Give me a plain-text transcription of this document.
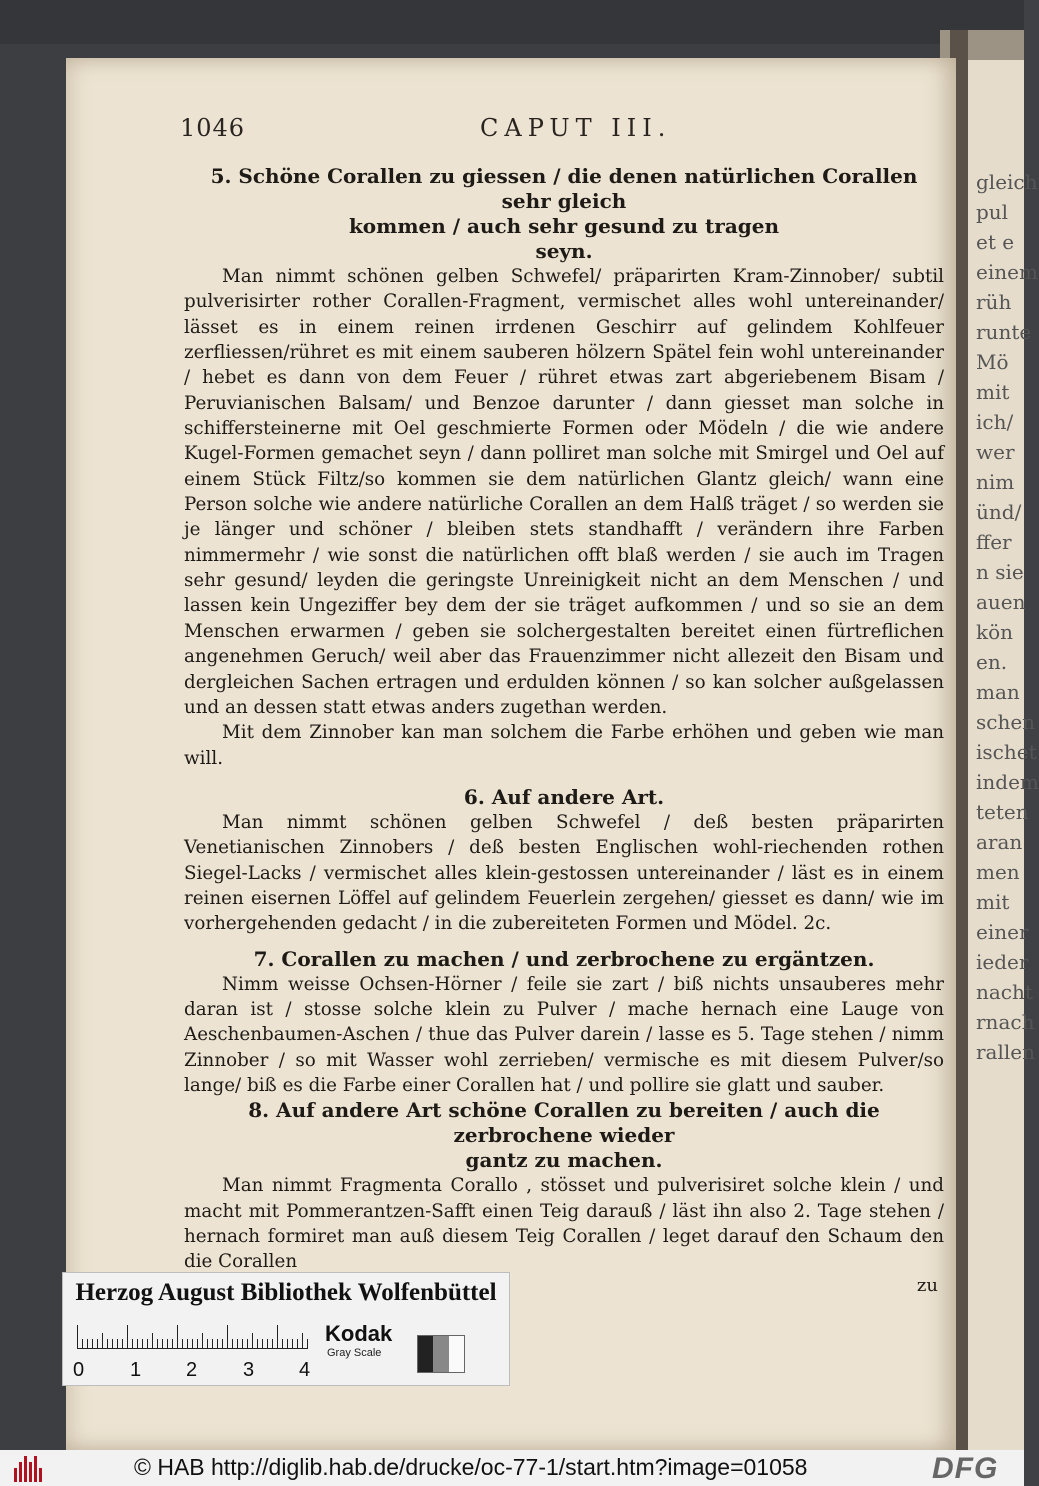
gleich
pul
et e
einem
rüh
runte
Mö
mit
ich/
wer
nim
ünd/
ffer
n sie
auen
kön
en.
man
schen
ischet
indem
teten
aran
men
mit
einer
ieder
nacht
rnach
rallen
1046	CAPUT III.
5. Schöne Corallen zu giessen / die denen natürlichen Corallen sehr gleich
kommen / auch sehr gesund zu tragen
seyn.

Man nimmt schönen gelben Schwefel/ präparirten Kram-Zinnober/ subtil pulverisirter rother Corallen-Fragment, vermischet alles wohl untereinander/ lässet es in einem reinen irrdenen Geschirr auf gelindem Kohlfeuer zerfliessen/rühret es mit einem sauberen hölzern Spätel fein wohl untereinander / hebet es dann von dem Feuer / rühret etwas zart abgeriebenem Bisam / Peruvianischen Balsam/ und Benzoe darunter / dann giesset man solche in schiffersteinerne mit Oel geschmierte Formen oder Mödeln / die wie andere Kugel-Formen gemachet seyn / dann polliret man solche mit Smirgel und Oel auf einem Stück Filtz/so kommen sie dem natürlichen Glantz gleich/ wann eine Person solche wie andere natürliche Corallen an dem Halß träget / so werden sie je länger und schöner / bleiben stets standhafft / verändern ihre Farben nimmermehr / wie sonst die natürlichen offt blaß werden / sie auch im Tragen sehr gesund/ leyden die geringste Unreinigkeit nicht an dem Menschen / und lassen kein Ungeziffer bey dem der sie träget aufkommen / und so sie an dem Menschen erwarmen / geben sie solchergestalten bereitet einen fürtreflichen angenehmen Geruch/ weil aber das Frauenzimmer nicht allezeit den Bisam und dergleichen Sachen ertragen und erdulden können / so kan solcher außgelassen und an dessen statt etwas anders zugethan werden.

Mit dem Zinnober kan man solchem die Farbe erhöhen und geben wie man will.

6. Auf andere Art.

Man nimmt schönen gelben Schwefel / deß besten präparirten Venetianischen Zinnobers / deß besten Englischen wohl-riechenden rothen Siegel-Lacks / vermischet alles klein-gestossen untereinander / läst es in einem reinen eisernen Löffel auf gelindem Feuerlein zergehen/ giesset es dann/ wie im vorhergehenden gedacht / in die zubereiteten Formen und Mödel. 2c.

7. Corallen zu machen / und zerbrochene zu ergäntzen.

Nimm weisse Ochsen-Hörner / feile sie zart / biß nichts unsauberes mehr daran ist / stosse solche klein zu Pulver / mache hernach eine Lauge von Aeschenbaumen-Aschen / thue das Pulver darein / lasse es 5. Tage stehen / nimm Zinnober / so mit Wasser wohl zerrieben/ vermische es mit diesem Pulver/so lange/ biß es die Farbe einer Corallen hat / und pollire sie glatt und sauber.

8. Auf andere Art schöne Corallen zu bereiten / auch die zerbrochene wieder
gantz zu machen.

Man nimmt Fragmenta Corallo , stösset und pulverisiret solche klein / und macht mit Pommerantzen-Safft einen Teig darauß / läst ihn also 2. Tage stehen / hernach formiret man auß diesem Teig Corallen / leget darauf den Schaum den die Corallen

zu
Herzog August Bibliothek Wolfenbüttel
0 1 2 3 4
Kodak
Gray Scale
© HAB http://diglib.hab.de/drucke/oc-77-1/start.htm?image=01058	DFG
